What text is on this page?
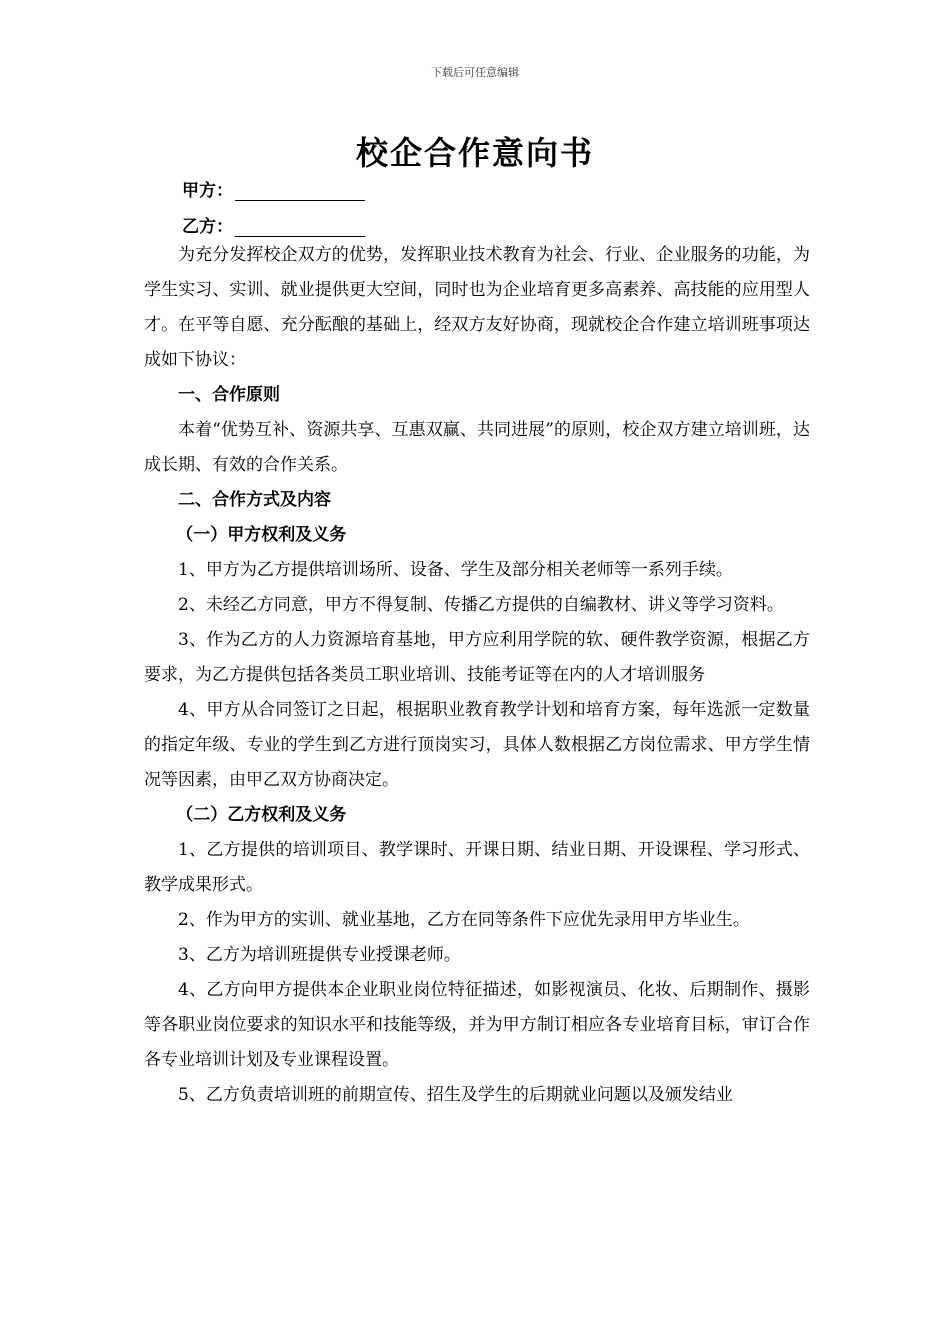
下载后可任意编辑
校企合作意向书
甲方：
乙方：

为充分发挥校企双方的优势，发挥职业技术教育为社会、行业、企业服务的功能，为学生实习、实训、就业提供更大空间，同时也为企业培育更多高素养、高技能的应用型人才。在平等自愿、充分酝酿的基础上，经双方友好协商，现就校企合作建立培训班事项达成如下协议：

一、合作原则

本着“优势互补、资源共享、互惠双赢、共同进展”的原则，校企双方建立培训班，达成长期、有效的合作关系。

二、合作方式及内容

（一）甲方权利及义务

1、甲方为乙方提供培训场所、设备、学生及部分相关老师等一系列手续。

2、未经乙方同意，甲方不得复制、传播乙方提供的自编教材、讲义等学习资料。

3、作为乙方的人力资源培育基地，甲方应利用学院的软、硬件教学资源，根据乙方要求，为乙方提供包括各类员工职业培训、技能考证等在内的人才培训服务

4、甲方从合同签订之日起，根据职业教育教学计划和培育方案，每年选派一定数量的指定年级、专业的学生到乙方进行顶岗实习，具体人数根据乙方岗位需求、甲方学生情况等因素，由甲乙双方协商决定。

（二）乙方权利及义务

1、乙方提供的培训项目、教学课时、开课日期、结业日期、开设课程、学习形式、教学成果形式。

2、作为甲方的实训、就业基地，乙方在同等条件下应优先录用甲方毕业生。

3、乙方为培训班提供专业授课老师。

4、乙方向甲方提供本企业职业岗位特征描述，如影视演员、化妆、后期制作、摄影等各职业岗位要求的知识水平和技能等级，并为甲方制订相应各专业培育目标，审订合作各专业培训计划及专业课程设置。

5、乙方负责培训班的前期宣传、招生及学生的后期就业问题以及颁发结业
